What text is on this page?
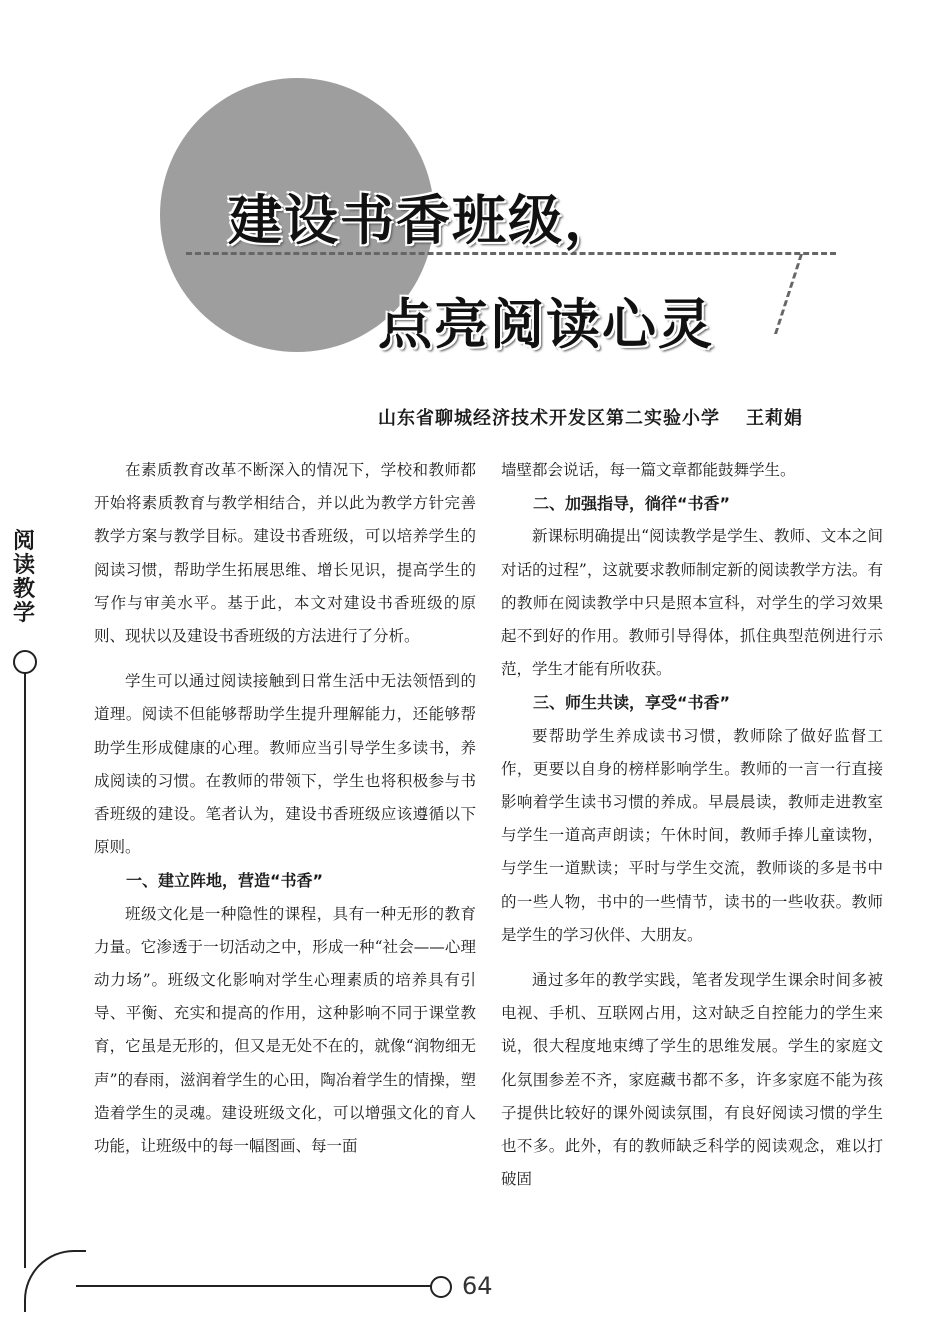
建设书香班级，
点亮阅读心灵
山东省聊城经济技术开发区第二实验小学 王莉娟
阅
读
教
学
64

在素质教育改革不断深入的情况下，学校和教师都开始将素质教育与教学相结合，并以此为教学方针完善教学方案与教学目标。建设书香班级，可以培养学生的阅读习惯，帮助学生拓展思维、增长见识，提高学生的写作与审美水平。基于此，本文对建设书香班级的原则、现状以及建设书香班级的方法进行了分析。

学生可以通过阅读接触到日常生活中无法领悟到的道理。阅读不但能够帮助学生提升理解能力，还能够帮助学生形成健康的心理。教师应当引导学生多读书，养成阅读的习惯。在教师的带领下，学生也将积极参与书香班级的建设。笔者认为，建设书香班级应该遵循以下原则。

一、建立阵地，营造“书香”

班级文化是一种隐性的课程，具有一种无形的教育力量。它渗透于一切活动之中，形成一种“社会——心理动力场”。班级文化影响对学生心理素质的培养具有引导、平衡、充实和提高的作用，这种影响不同于课堂教育，它虽是无形的，但又是无处不在的，就像“润物细无声”的春雨，滋润着学生的心田，陶冶着学生的情操，塑造着学生的灵魂。建设班级文化，可以增强文化的育人功能，让班级中的每一幅图画、每一面

墙壁都会说话，每一篇文章都能鼓舞学生。

二、加强指导，徜徉“书香”

新课标明确提出“阅读教学是学生、教师、文本之间对话的过程”，这就要求教师制定新的阅读教学方法。有的教师在阅读教学中只是照本宣科，对学生的学习效果起不到好的作用。教师引导得体，抓住典型范例进行示范，学生才能有所收获。

三、师生共读，享受“书香”

要帮助学生养成读书习惯，教师除了做好监督工作，更要以自身的榜样影响学生。教师的一言一行直接影响着学生读书习惯的养成。早晨晨读，教师走进教室与学生一道高声朗读；午休时间，教师手捧儿童读物，与学生一道默读；平时与学生交流，教师谈的多是书中的一些人物，书中的一些情节，读书的一些收获。教师是学生的学习伙伴、大朋友。

通过多年的教学实践，笔者发现学生课余时间多被电视、手机、互联网占用，这对缺乏自控能力的学生来说，很大程度地束缚了学生的思维发展。学生的家庭文化氛围参差不齐，家庭藏书都不多，许多家庭不能为孩子提供比较好的课外阅读氛围，有良好阅读习惯的学生也不多。此外，有的教师缺乏科学的阅读观念，难以打破固
